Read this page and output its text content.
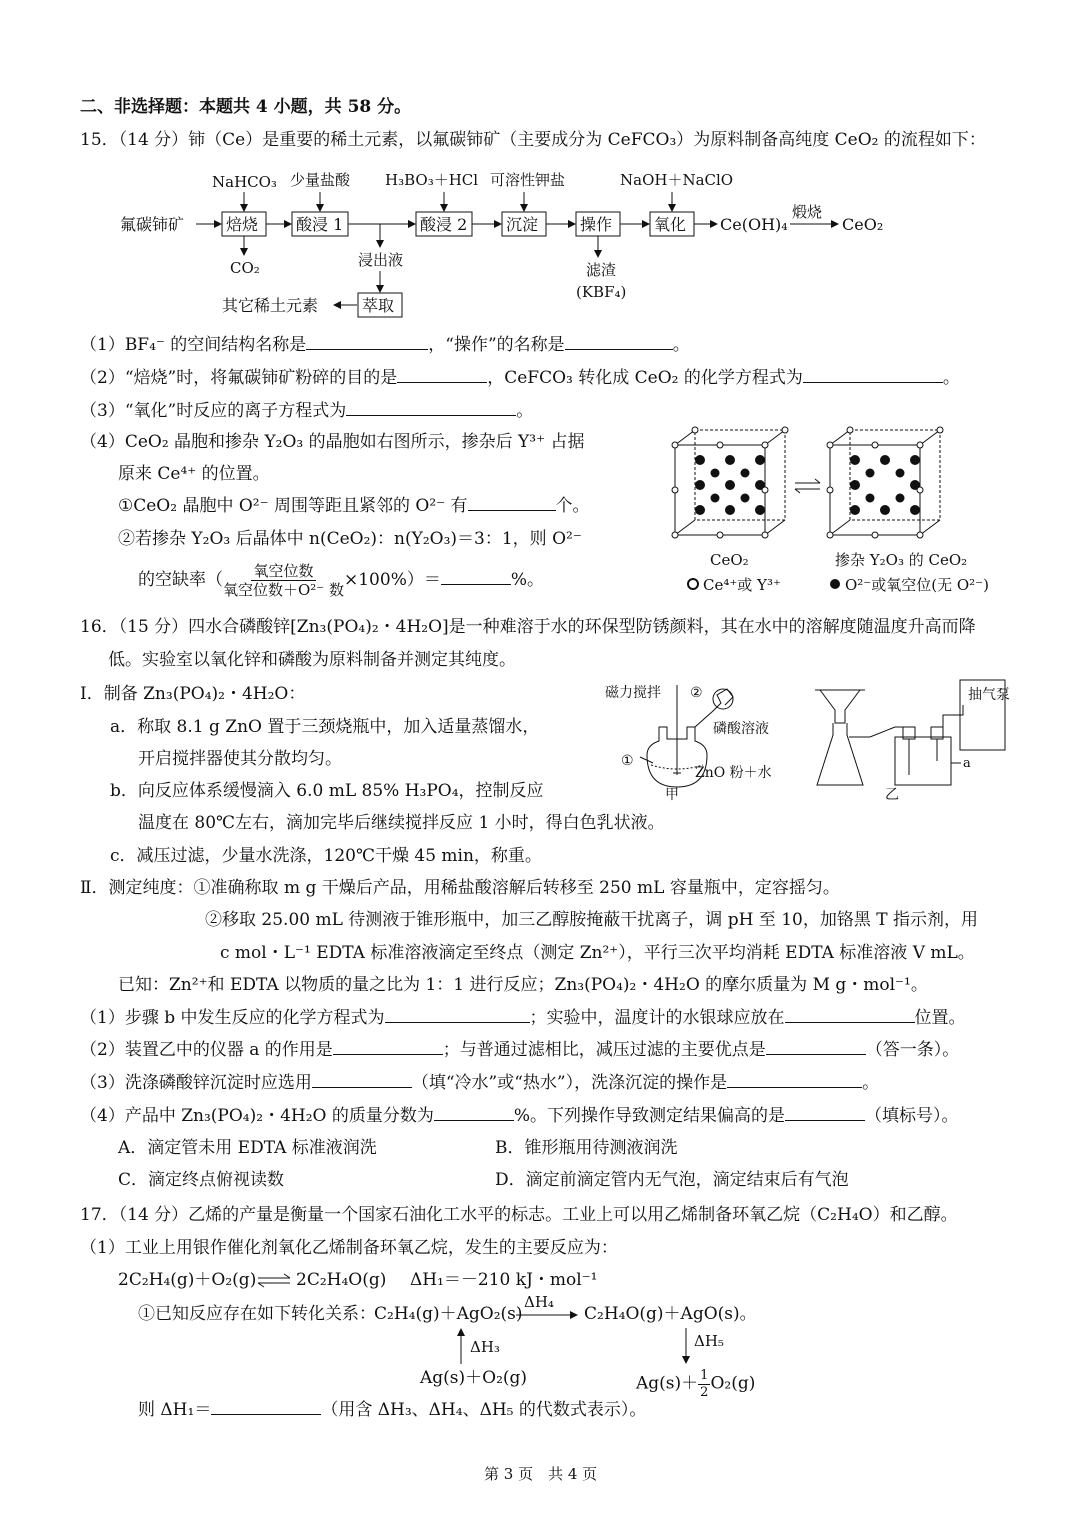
二、非选择题：本题共 4 小题，共 58 分。
15．（14 分）铈（Ce）是重要的稀土元素，以氟碳铈矿（主要成分为 CeFCO₃）为原料制备高纯度 CeO₂ 的流程如下：
氟碳铈矿	焙烧 酸浸 1	酸浸 2 沉淀	操作	氧化
萃取
Ce(OH)₄
煅烧
CeO₂
NaHCO₃ 少量盐酸 H₃BO₃＋HCl 可溶性钾盐	NaOH＋NaClO
CO₂	浸出液
其它稀土元素
滤渣
(KBF₄)
（1）BF₄⁻ 的空间结构名称是	，“操作”的名称是	。
（2）“焙烧”时，将氟碳铈矿粉碎的目的是	，CeFCO₃ 转化成 CeO₂ 的化学方程式为	。
（3）“氧化”时反应的离子方程式为	。
（4）CeO₂ 晶胞和掺杂 Y₂O₃ 的晶胞如右图所示，掺杂后 Y³⁺ 占据
原来 Ce⁴⁺ 的位置。
①CeO₂ 晶胞中 O²⁻ 周围等距且紧邻的 O²⁻ 有	个。
②若掺杂 Y₂O₃ 后晶体中 n(CeO₂)：n(Y₂O₃)＝3：1，则 O²⁻
的空缺率（ $\frac{\text{氧空位数}}{\text{氧空位数＋O²⁻ 数}} \times 100\%)=$	%。
CeO₂	掺杂 Y₂O₃ 的 CeO₂
Ce⁴⁺或 Y³⁺	O²⁻或氧空位(无 O²⁻)
16．（15 分）四水合磷酸锌[Zn₃(PO₄)₂・4H₂O]是一种难溶于水的环保型防锈颜料，其在水中的溶解度随温度升高而降
低。实验室以氧化锌和磷酸为原料制备并测定其纯度。
Ⅰ．制备 Zn₃(PO₄)₂・4H₂O：
a．称取 8.1 g ZnO 置于三颈烧瓶中，加入适量蒸馏水，
开启搅拌器使其分散均匀。
b．向反应体系缓慢滴入 6.0 mL 85% H₃PO₄，控制反应
温度在 80℃左右，滴加完毕后继续搅拌反应 1 小时，得白色乳状液。
c．减压过滤，少量水洗涤，120℃干燥 45 min，称重。
磁力搅拌 ②
磷酸溶液
①
ZnO 粉＋水
甲
抽气泵
a
乙
Ⅱ．测定纯度：①准确称取 m g 干燥后产品，用稀盐酸溶解后转移至 250 mL 容量瓶中，定容摇匀。
②移取 25.00 mL 待测液于锥形瓶中，加三乙醇胺掩蔽干扰离子，调 pH 至 10，加铬黑 T 指示剂，用
c mol・L⁻¹ EDTA 标准溶液滴定至终点（测定 Zn²⁺），平行三次平均消耗 EDTA 标准溶液 V mL。
已知：Zn²⁺和 EDTA 以物质的量之比为 1：1 进行反应；Zn₃(PO₄)₂・4H₂O 的摩尔质量为 M g・mol⁻¹。
（1）步骤 b 中发生反应的化学方程式为	；实验中，温度计的水银球应放在	位置。
（2）装置乙中的仪器 a 的作用是	；与普通过滤相比，减压过滤的主要优点是	（答一条）。
（3）洗涤磷酸锌沉淀时应选用	（填“冷水”或“热水”），洗涤沉淀的操作是	。
（4）产品中 Zn₃(PO₄)₂・4H₂O 的质量分数为	%。下列操作导致测定结果偏高的是	（填标号）。
A．滴定管未用 EDTA 标准液润洗	B．锥形瓶用待测液润洗
C．滴定终点俯视读数	D．滴定前滴定管内无气泡，滴定结束后有气泡
17．（14 分）乙烯的产量是衡量一个国家石油化工水平的标志。工业上可以用乙烯制备环氧乙烷（C₂H₄O）和乙醇。
（1）工业上用银作催化剂氧化乙烯制备环氧乙烷，发生的主要反应为：
2C₂H₄(g)＋O₂(g) ⇌ 2C₂H₄O(g) ΔH₁＝－210 kJ・mol⁻¹
①已知反应存在如下转化关系：
C₂H₄(g)＋AgO₂(s)
ΔH₄
C₂H₄O(g)＋AgO(s)。
ΔH₃	ΔH₅
Ag(s)＋O₂(g)	$Ag(s)+ \frac{1}{2} O_2(g)$
则 ΔH₁＝	（用含 ΔH₃、ΔH₄、ΔH₅ 的代数式表示）。
第 3 页　共 4 页
